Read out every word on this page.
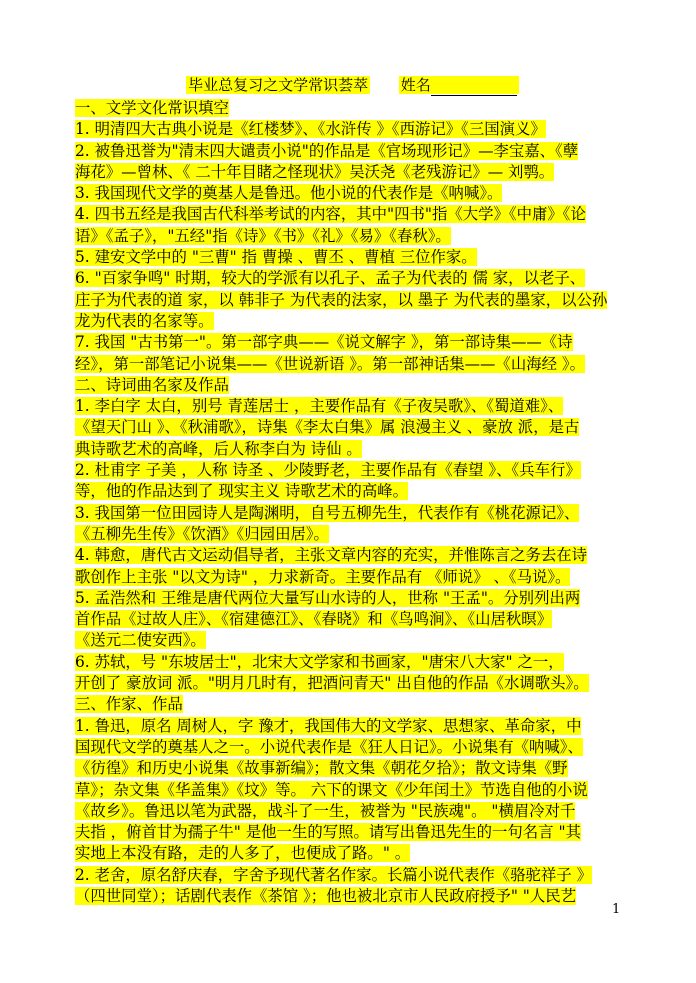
毕业总复习之文学常识荟萃 姓名
一、文学文化常识填空
1. 明清四大古典小说是《红楼梦》、《水浒传 》《西游记》《三国演义》
2. 被鲁迅誉为"清末四大谴责小说"的作品是《官场现形记》—李宝嘉、《孽
海花》—曾林、《 二十年目睹之怪现状》吴沃尧《老残游记》— 刘鹗。
3. 我国现代文学的奠基人是鲁迅。他小说的代表作是《呐喊》。
4. 四书五经是我国古代科举考试的内容，其中"四书"指《大学》《中庸》《论
语》《孟子》，"五经"指《诗》《书》《礼》《易》《春秋》。
5. 建安文学中的 "三曹" 指 曹操 、曹丕 、曹植 三位作家。
6. "百家争鸣" 时期，较大的学派有以孔子、孟子为代表的 儒 家，以老子、
庄子为代表的道 家，以 韩非子 为代表的法家，以 墨子 为代表的墨家，以公孙
龙为代表的名家等。
7. 我国 "古书第一"。第一部字典——《说文解字 》，第一部诗集——《诗
经》，第一部笔记小说集——《世说新语 》。第一部神话集——《山海经 》。
二、诗词曲名家及作品
1. 李白字 太白，别号 青莲居士 ，主要作品有《子夜吴歌》、《蜀道难》、
《望天门山 》、《秋浦歌》，诗集《李太白集》属 浪漫主义 、豪放 派，是古
典诗歌艺术的高峰，后人称李白为 诗仙 。
2. 杜甫字 子美 ，人称 诗圣 、少陵野老，主要作品有《春望 》、《兵车行》
等，他的作品达到了 现实主义 诗歌艺术的高峰。
3. 我国第一位田园诗人是陶渊明，自号五柳先生，代表作有《桃花源记》、
《五柳先生传》《饮酒》《归园田居》。
4. 韩愈，唐代古文运动倡导者，主张文章内容的充实，并惟陈言之务去在诗
歌创作上主张 "以文为诗" ，力求新奇。主要作品有 《师说》 、《马说》。
5. 孟浩然和 王维是唐代两位大量写山水诗的人，世称 "王孟"。分别列出两
首作品《过故人庄》、《宿建德江》、《春晓》和《鸟鸣涧》、《山居秋暝》
《送元二使安西》。
6. 苏轼，号 "东坡居士"，北宋大文学家和书画家，"唐宋八大家" 之一，
开创了 豪放词 派。"明月几时有，把酒问青天" 出自他的作品《水调歌头》。
三、作家、作品
1. 鲁迅，原名 周树人，字 豫才，我国伟大的文学家、思想家、革命家，中
国现代文学的奠基人之一。小说代表作是《狂人日记》。小说集有《呐喊》、
《彷徨》和历史小说集《故事新编》；散文集《朝花夕拾》；散文诗集《野
草》；杂文集《华盖集》《坟》等。 六下的课文《少年闰土》节选自他的小说
《故乡》。鲁迅以笔为武器，战斗了一生，被誉为 "民族魂"。 "横眉冷对千
夫指 ，俯首甘为孺子牛" 是他一生的写照。请写出鲁迅先生的一句名言 "其
实地上本没有路，走的人多了，也便成了路。" 。
2. 老舍，原名舒庆春，字舍予现代著名作家。长篇小说代表作《骆驼祥子 》
（四世同堂）；话剧代表作《茶馆 》；他也被北京市人民政府授予" "人民艺
1
